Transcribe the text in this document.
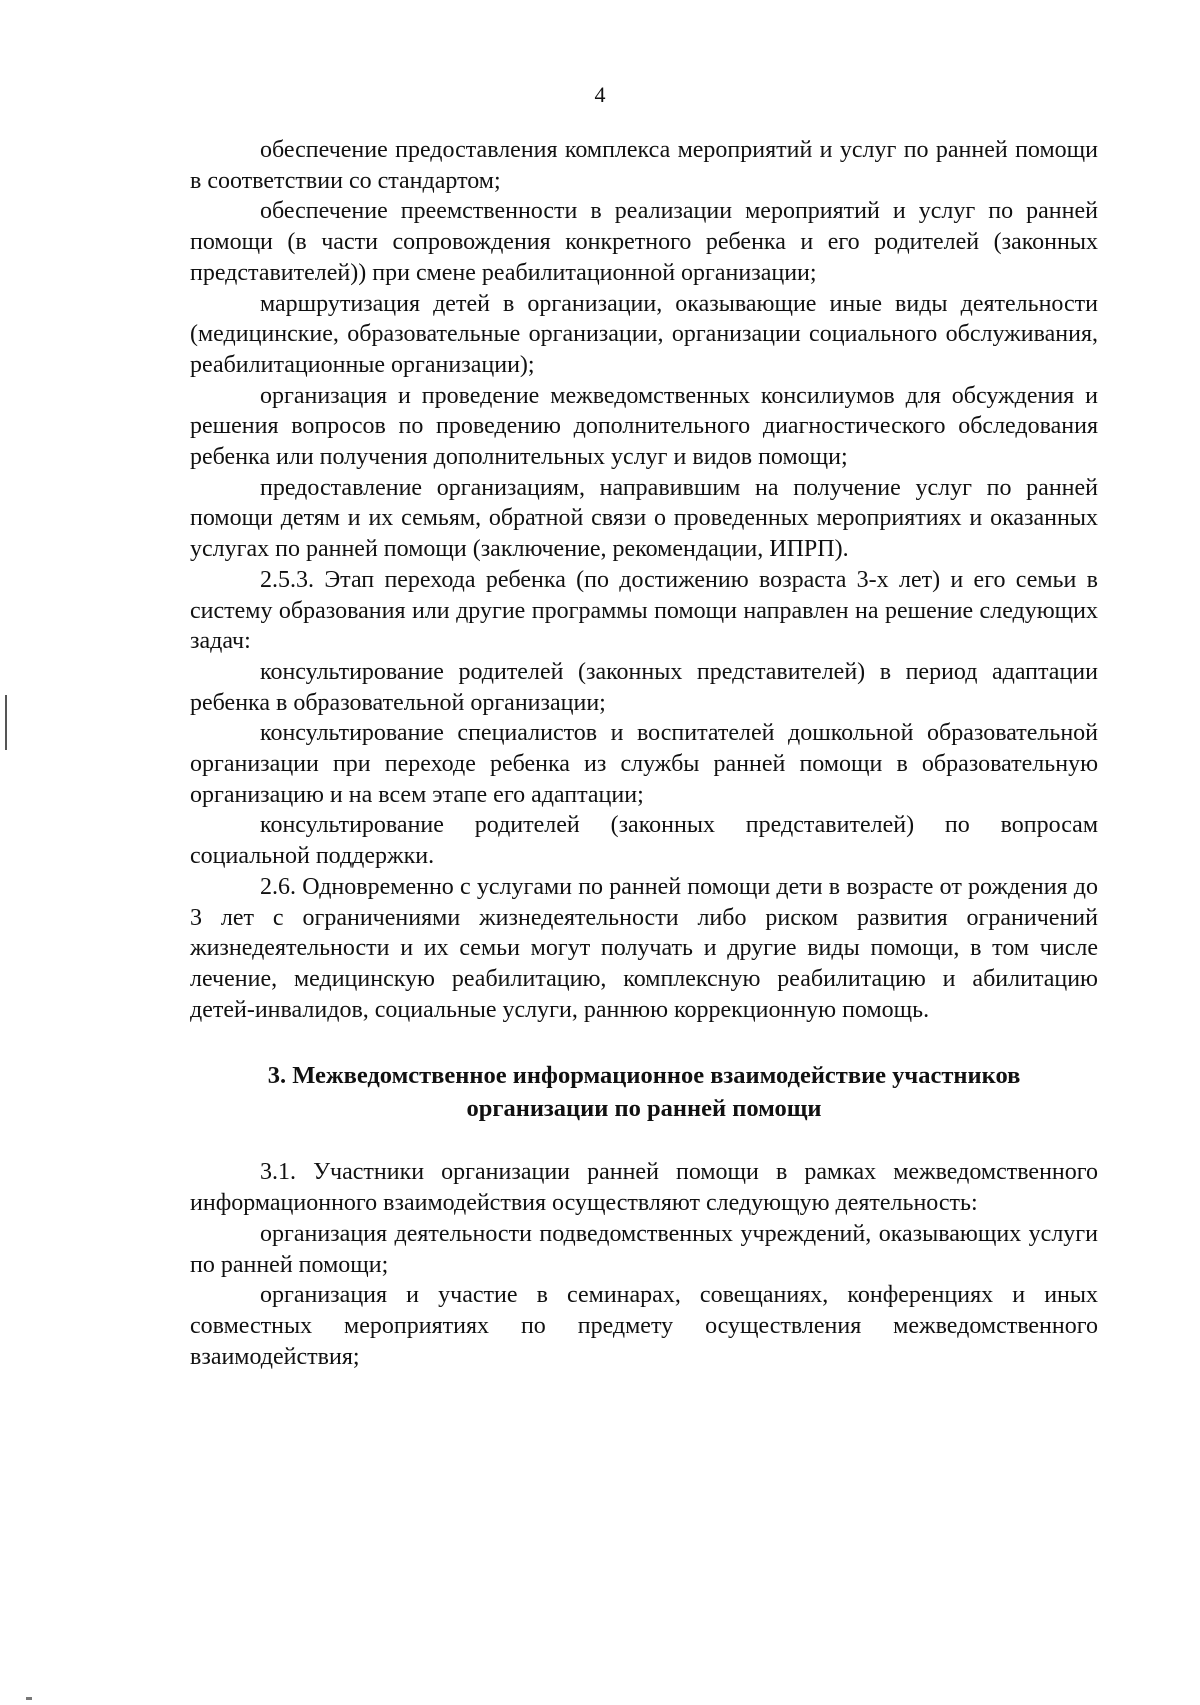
4

обеспечение предоставления комплекса мероприятий и услуг по ранней помощи в соответствии со стандартом;

обеспечение преемственности в реализации мероприятий и услуг по ранней помощи (в части сопровождения конкретного ребенка и его родителей (законных представителей)) при смене реабилитационной организации;

маршрутизация детей в организации, оказывающие иные виды деятельности (медицинские, образовательные организации, организации социального обслуживания, реабилитационные организации);

организация и проведение межведомственных консилиумов для обсуждения и решения вопросов по проведению дополнительного диагностического обследования ребенка или получения дополнительных услуг и видов помощи;

предоставление организациям, направившим на получение услуг по ранней помощи детям и их семьям, обратной связи о проведенных мероприятиях и оказанных услугах по ранней помощи (заключение, рекомендации, ИПРП).

2.5.3. Этап перехода ребенка (по достижению возраста 3-х лет) и его семьи в систему образования или другие программы помощи направлен на решение следующих задач:

консультирование родителей (законных представителей) в период адаптации ребенка в образовательной организации;

консультирование специалистов и воспитателей дошкольной образовательной организации при переходе ребенка из службы ранней помощи в образовательную организацию и на всем этапе его адаптации;

консультирование родителей (законных представителей) по вопросам социальной поддержки.

2.6. Одновременно с услугами по ранней помощи дети в возрасте от рождения до 3 лет с ограничениями жизнедеятельности либо риском развития ограничений жизнедеятельности и их семьи могут получать и другие виды помощи, в том числе лечение, медицинскую реабилитацию, комплексную реабилитацию и абилитацию детей-инвалидов, социальные услуги, раннюю коррекционную помощь.

3. Межведомственное информационное взаимодействие участников
организации по ранней помощи

3.1. Участники организации ранней помощи в рамках межведомственного информационного взаимодействия осуществляют следующую деятельность:

организация деятельности подведомственных учреждений, оказывающих услуги по ранней помощи;

организация и участие в семинарах, совещаниях, конференциях и иных совместных мероприятиях по предмету осуществления межведомственного взаимодействия;
